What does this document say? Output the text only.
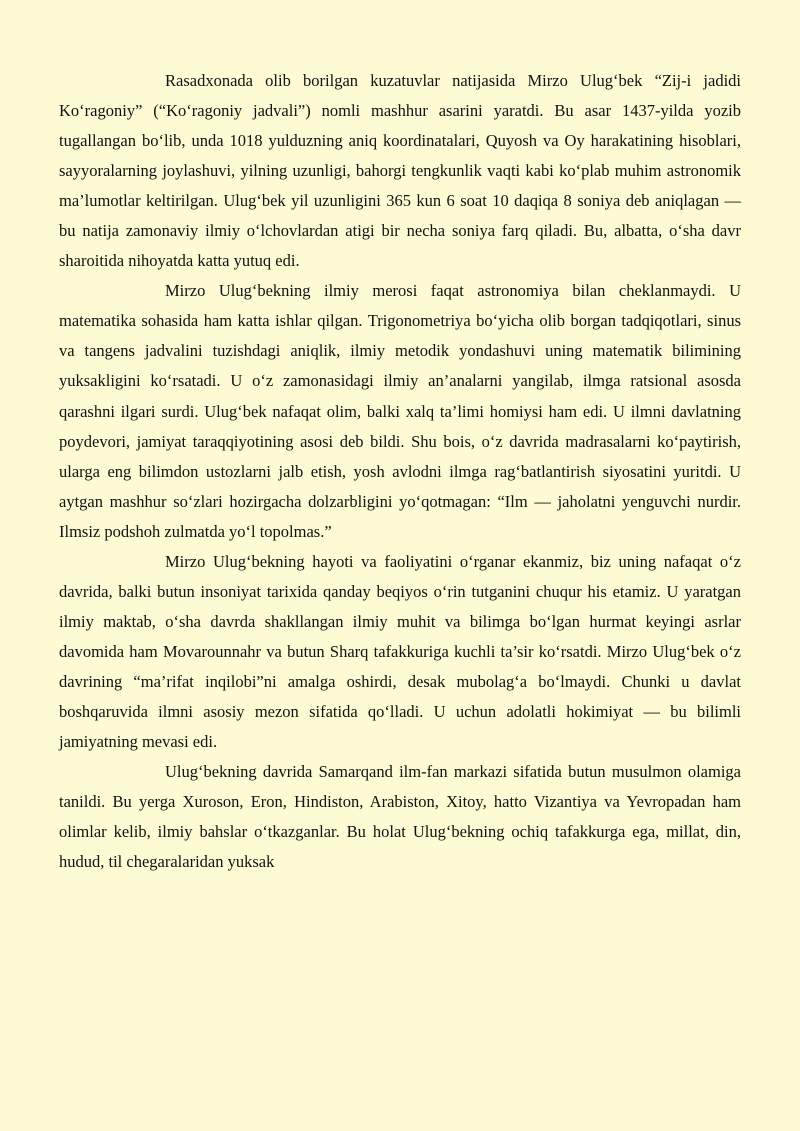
Rasadxonada olib borilgan kuzatuvlar natijasida Mirzo Ulug‘bek “Zij-i jadidi Ko‘ragoniy” (“Ko‘ragoniy jadvali”) nomli mashhur asarini yaratdi. Bu asar 1437-yilda yozib tugallangan bo‘lib, unda 1018 yulduzning aniq koordinatalari, Quyosh va Oy harakatining hisoblari, sayyoralarning joylashuvi, yilning uzunligi, bahorgi tengkunlik vaqti kabi ko‘plab muhim astronomik ma’lumotlar keltirilgan. Ulug‘bek yil uzunligini 365 kun 6 soat 10 daqiqa 8 soniya deb aniqlagan — bu natija zamonaviy ilmiy o‘lchovlardan atigi bir necha soniya farq qiladi. Bu, albatta, o‘sha davr sharoitida nihoyatda katta yutuq edi.

Mirzo Ulug‘bekning ilmiy merosi faqat astronomiya bilan cheklanmaydi. U matematika sohasida ham katta ishlar qilgan. Trigonometriya bo‘yicha olib borgan tadqiqotlari, sinus va tangens jadvalini tuzishdagi aniqlik, ilmiy metodik yondashuvi uning matematik bilimining yuksakligini ko‘rsatadi. U o‘z zamonasidagi ilmiy an’analarni yangilab, ilmga ratsional asosda qarashni ilgari surdi. Ulug‘bek nafaqat olim, balki xalq ta’limi homiysi ham edi. U ilmni davlatning poydevori, jamiyat taraqqiyotining asosi deb bildi. Shu bois, o‘z davrida madrasalarni ko‘paytirish, ularga eng bilimdon ustozlarni jalb etish, yosh avlodni ilmga rag‘batlantirish siyosatini yuritdi. U aytgan mashhur so‘zlari hozirgacha dolzarbligini yo‘qotmagan: “Ilm — jaholatni yenguvchi nurdir. Ilmsiz podshoh zulmatda yo‘l topolmas.”

Mirzo Ulug‘bekning hayoti va faoliyatini o‘rganar ekanmiz, biz uning nafaqat o‘z davrida, balki butun insoniyat tarixida qanday beqiyos o‘rin tutganini chuqur his etamiz. U yaratgan ilmiy maktab, o‘sha davrda shakllangan ilmiy muhit va bilimga bo‘lgan hurmat keyingi asrlar davomida ham Movarounnahr va butun Sharq tafakkuriga kuchli ta’sir ko‘rsatdi. Mirzo Ulug‘bek o‘z davrining “ma’rifat inqilobi”ni amalga oshirdi, desak mubolag‘a bo‘lmaydi. Chunki u davlat boshqaruvida ilmni asosiy mezon sifatida qo‘lladi. U uchun adolatli hokimiyat — bu bilimli jamiyatning mevasi edi.

Ulug‘bekning davrida Samarqand ilm-fan markazi sifatida butun musulmon olamiga tanildi. Bu yerga Xuroson, Eron, Hindiston, Arabiston, Xitoy, hatto Vizantiya va Yevropadan ham olimlar kelib, ilmiy bahslar o‘tkazganlar. Bu holat Ulug‘bekning ochiq tafakkurga ega, millat, din, hudud, til chegaralaridan yuksak
